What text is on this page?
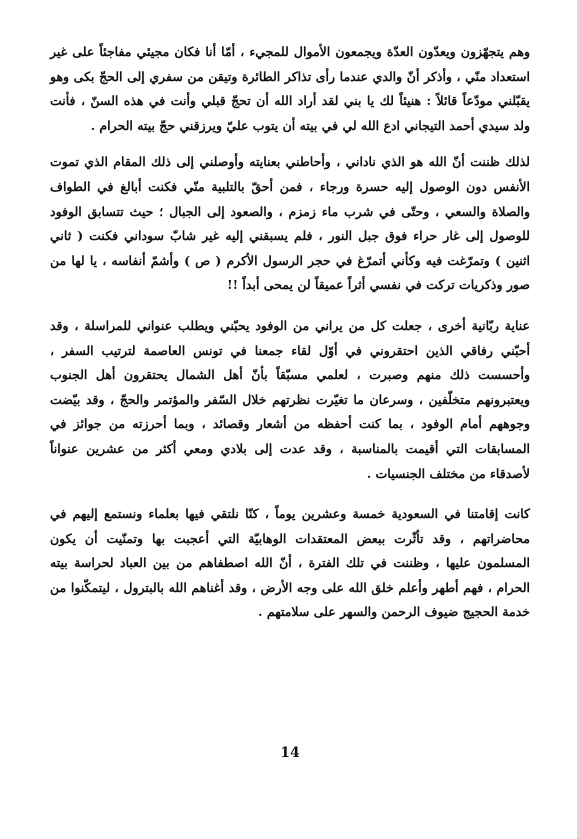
وهم يتجهّزون ويعدّون العدّة ويجمعون الأموال للمجيء ، أمّا أنا فكان مجيئي مفاجئاً على غير استعداد منّي ، وأذكر أنّ والدي عندما رأى تذاكر الطائرة وتيقن من سفري إلى الحجّ بكى وهو يقبّلني مودّعاً قائلاً : هنيئاً لك يا بني لقد أراد الله أن تحجّ قبلي وأنت في هذه السنّ ، فأنت ولد سيدي أحمد التيجاني ادع الله لي في بيته أن يتوب عليّ ويرزقني حجّ بيته الحرام .

لذلك ظننت أنّ الله هو الذي ناداني ، وأحاطني بعنايته وأوصلني إلى ذلك المقام الذي تموت الأنفس دون الوصول إليه حسرة ورجاء ، فمن أحقّ بالتلبية منّي فكنت أبالغ في الطواف والصلاة والسعي ، وحتّى في شرب ماء زمزم ، والصعود إلى الجبال ؛ حيث تتسابق الوفود للوصول إلى غار حراء فوق جبل النور ، فلم يسبقني إليه غير شابّ سوداني فكنت ( ثاني اثنين ) وتمرّغت فيه وكأني أتمرّغ في حجر الرسول الأكرم ( ص ) وأشمّ أنفاسه ، يا لها من صور وذكريات تركت في نفسي أثراً عميقاً لن يمحى أبداً !!

عناية ربّانية أخرى ، جعلت كل من يراني من الوفود يحبّني ويطلب عنواني للمراسلة ، وقد أحبّني رفاقي الذين احتقروني في أوّل لقاء جمعنا في تونس العاصمة لترتيب السفر ، وأحسست ذلك منهم وصبرت ، لعلمي مسبّقاً بأنّ أهل الشمال يحتقرون أهل الجنوب ويعتبرونهم متخلّفين ، وسرعان ما تغيّرت نظرتهم خلال السّفر والمؤتمر والحجّ ، وقد بيّضت وجوههم أمام الوفود ، بما كنت أحفظه من أشعار وقصائد ، وبما أحرزته من جوائز في المسابقات التي أقيمت بالمناسبة ، وقد عدت إلى بلادي ومعي أكثر من عشرين عنواناً لأصدقاء من مختلف الجنسيات .

كانت إقامتنا في السعودية خمسة وعشرين يوماً ، كنّا نلتقي فيها بعلماء ونستمع إليهم في محاضراتهم ، وقد تأثّرت ببعض المعتقدات الوهابيّة التي أعجبت بها وتمنّيت أن يكون المسلمون عليها ، وظننت في تلك الفترة ، أنّ الله اصطفاهم من بين العباد لحراسة بيته الحرام ، فهم أطهر وأعلم خلق الله على وجه الأرض ، وقد أغناهم الله بالبترول ، ليتمكّنوا من خدمة الحجيج ضيوف الرحمن والسهر على سلامتهم .

14
